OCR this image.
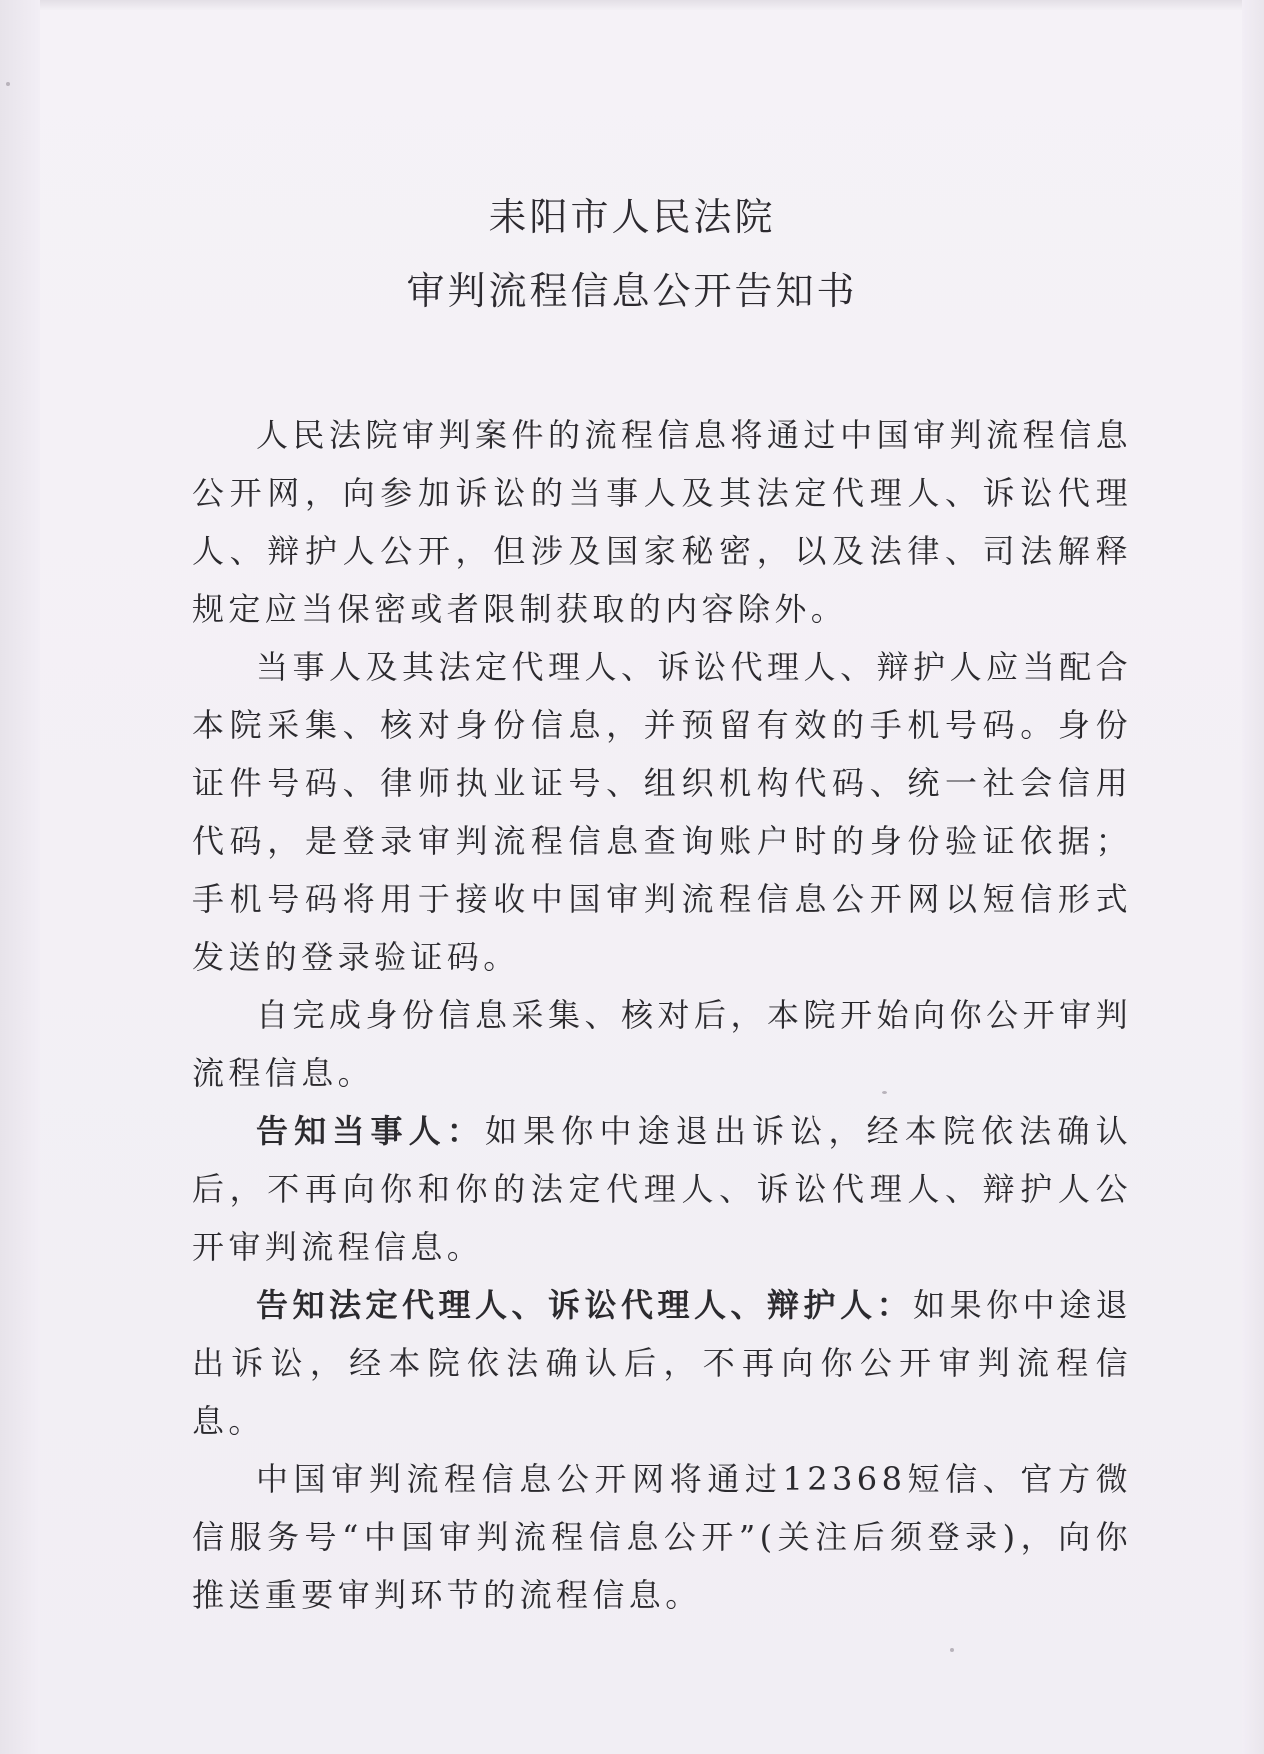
耒阳市人民法院
审判流程信息公开告知书

人民法院审判案件的流程信息将通过中国审判流程信息公开网，向参加诉讼的当事人及其法定代理人、诉讼代理人、辩护人公开，但涉及国家秘密，以及法律、司法解释规定应当保密或者限制获取的内容除外。

当事人及其法定代理人、诉讼代理人、辩护人应当配合本院采集、核对身份信息，并预留有效的手机号码。身份证件号码、律师执业证号、组织机构代码、统一社会信用代码，是登录审判流程信息查询账户时的身份验证依据；手机号码将用于接收中国审判流程信息公开网以短信形式发送的登录验证码。

自完成身份信息采集、核对后，本院开始向你公开审判流程信息。

告知当事人：如果你中途退出诉讼，经本院依法确认后，不再向你和你的法定代理人、诉讼代理人、辩护人公开审判流程信息。

告知法定代理人、诉讼代理人、辩护人：如果你中途退出诉讼，经本院依法确认后，不再向你公开审判流程信息。

中国审判流程信息公开网将通过12368短信、官方微信服务号“中国审判流程信息公开”(关注后须登录)，向你推送重要审判环节的流程信息。
